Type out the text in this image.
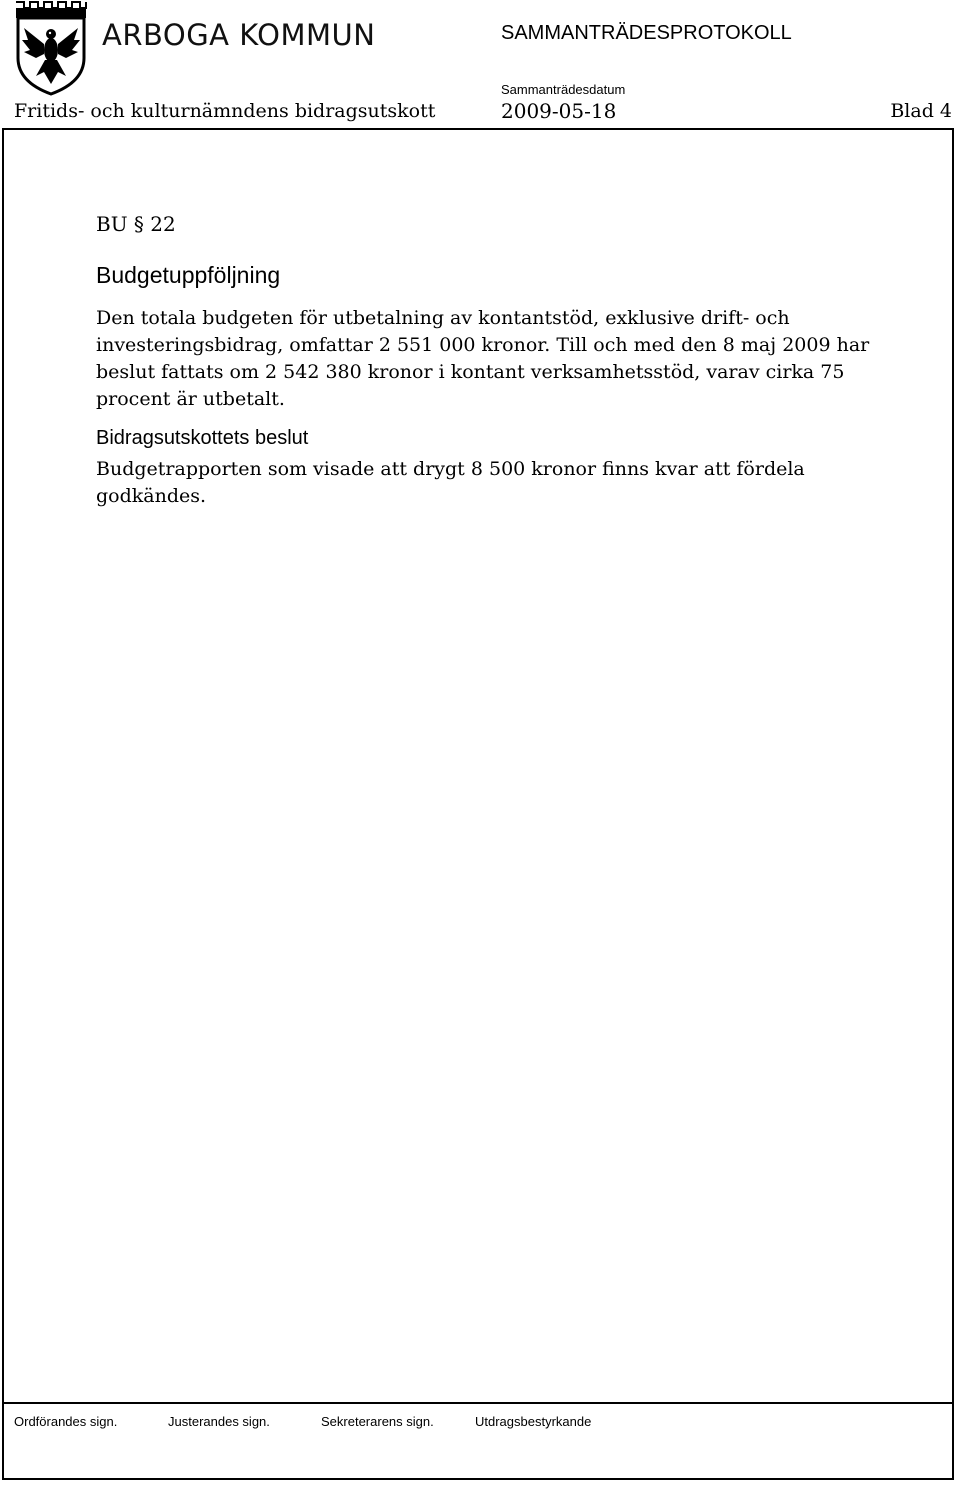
ARBOGA KOMMUN	SAMMANTRÄDESPROTOKOLL
Sammanträdesdatum
Fritids- och kulturnämndens bidragsutskott	2009-05-18	Blad 4
BU § 22
Budgetuppföljning
Den totala budgeten för utbetalning av kontantstöd, exklusive drift- och investeringsbidrag, omfattar 2 551 000 kronor. Till och med den 8 maj 2009 har beslut fattats om 2 542 380 kronor i kontant verksamhetsstöd, varav cirka 75 procent är utbetalt.
Bidragsutskottets beslut
Budgetrapporten som visade att drygt 8 500 kronor finns kvar att fördela godkändes.
Ordförandes sign.	Justerandes sign.	Sekreterarens sign.	Utdragsbestyrkande
